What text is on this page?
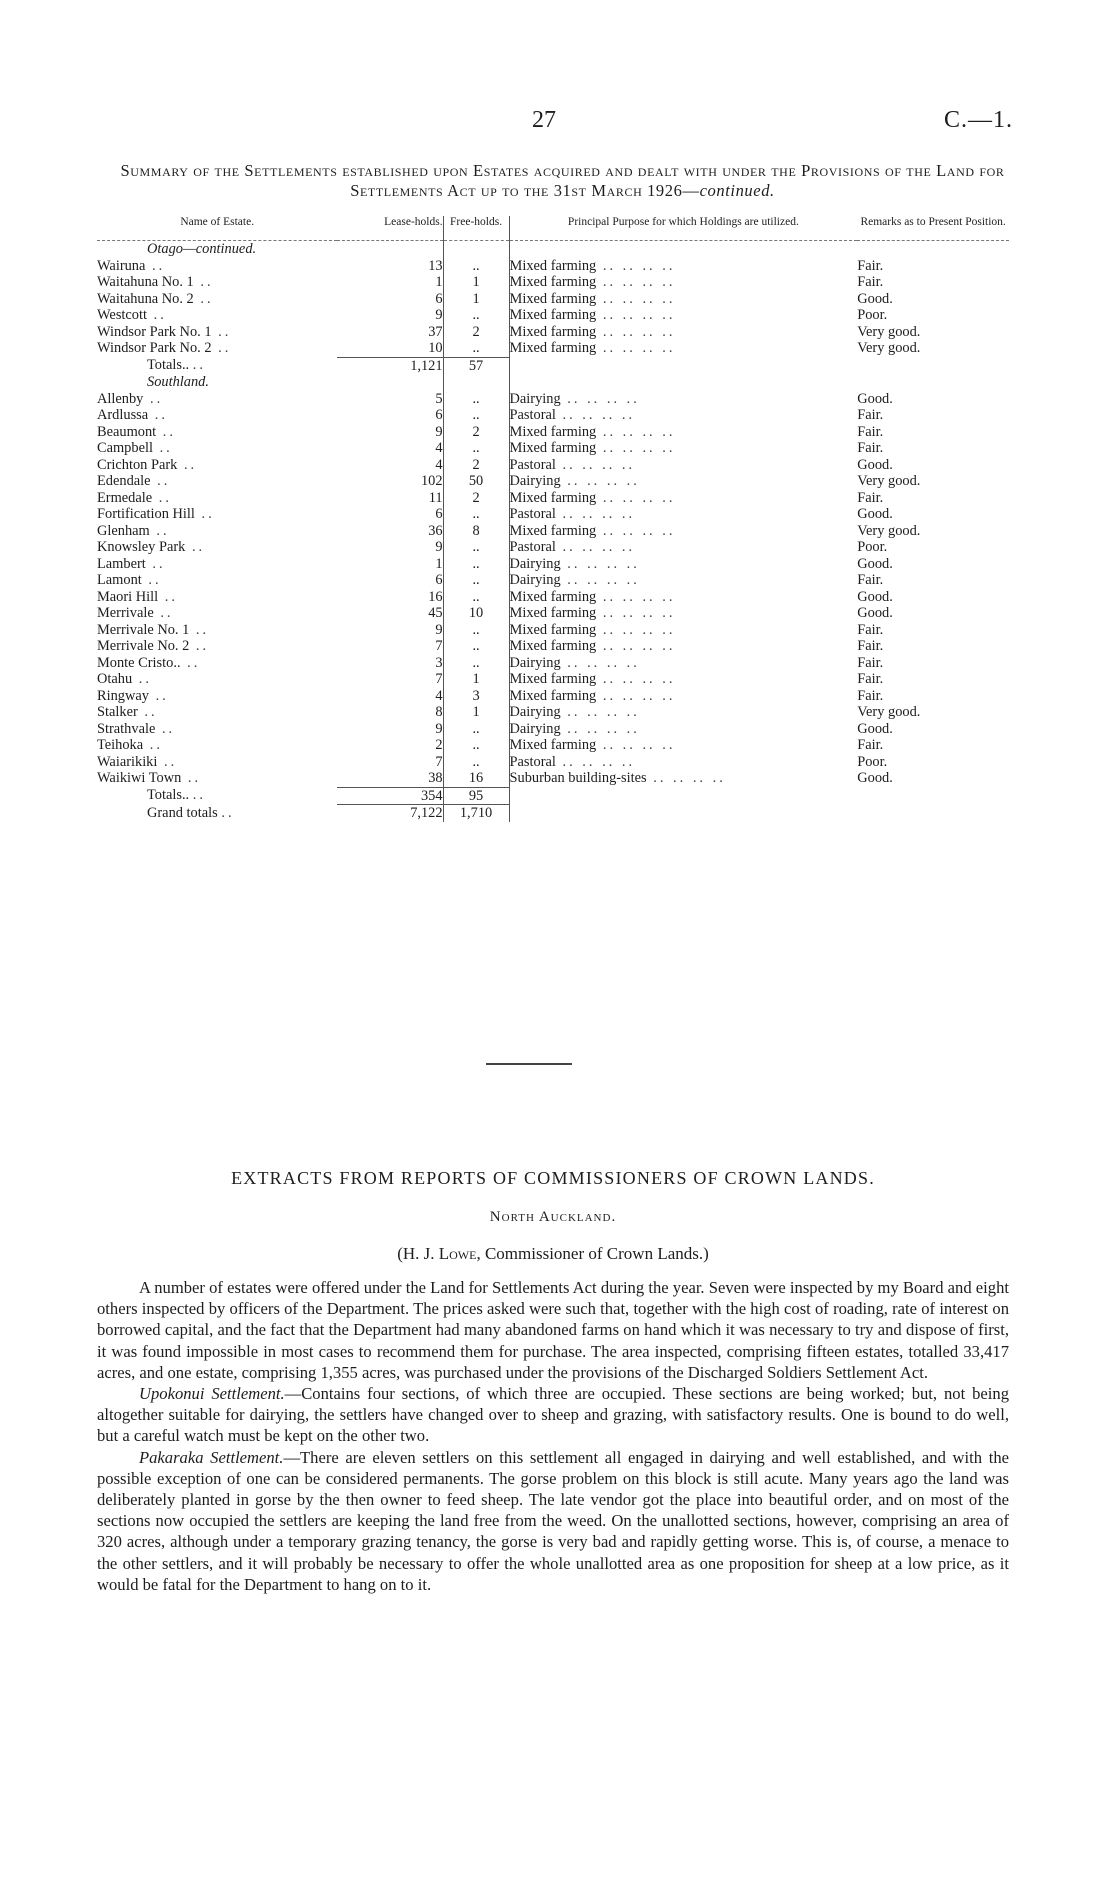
27	C.—1.
Summary of the Settlements established upon Estates acquired and dealt with under the Provisions of the Land for Settlements Act up to the 31st March 1926—continued.
Name of Estate.	Lease-holds.	Free-holds.	Principal Purpose for which Holdings are utilized.	Remarks as to Present Position.
Otago—continued.				
Wairuna ..	13	..	Mixed farming .. .. .. ..	Fair.
Waitahuna No. 1 ..	1	1	Mixed farming .. .. .. ..	Fair.
Waitahuna No. 2 ..	6	1	Mixed farming .. .. .. ..	Good.
Westcott ..	9	..	Mixed farming .. .. .. ..	Poor.
Windsor Park No. 1 ..	37	2	Mixed farming .. .. .. ..	Very good.
Windsor Park No. 2 ..	10	..	Mixed farming .. .. .. ..	Very good.
Totals.. ..	1,121	57		
Southland.				
Allenby ..	5	..	Dairying .. .. .. ..	Good.
Ardlussa ..	6	..	Pastoral .. .. .. ..	Fair.
Beaumont ..	9	2	Mixed farming .. .. .. ..	Fair.
Campbell ..	4	..	Mixed farming .. .. .. ..	Fair.
Crichton Park ..	4	2	Pastoral .. .. .. ..	Good.
Edendale ..	102	50	Dairying .. .. .. ..	Very good.
Ermedale ..	11	2	Mixed farming .. .. .. ..	Fair.
Fortification Hill ..	6	..	Pastoral .. .. .. ..	Good.
Glenham ..	36	8	Mixed farming .. .. .. ..	Very good.
Knowsley Park ..	9	..	Pastoral .. .. .. ..	Poor.
Lambert ..	1	..	Dairying .. .. .. ..	Good.
Lamont ..	6	..	Dairying .. .. .. ..	Fair.
Maori Hill ..	16	..	Mixed farming .. .. .. ..	Good.
Merrivale ..	45	10	Mixed farming .. .. .. ..	Good.
Merrivale No. 1 ..	9	..	Mixed farming .. .. .. ..	Fair.
Merrivale No. 2 ..	7	..	Mixed farming .. .. .. ..	Fair.
Monte Cristo.. ..	3	..	Dairying .. .. .. ..	Fair.
Otahu ..	7	1	Mixed farming .. .. .. ..	Fair.
Ringway ..	4	3	Mixed farming .. .. .. ..	Fair.
Stalker ..	8	1	Dairying .. .. .. ..	Very good.
Strathvale ..	9	..	Dairying .. .. .. ..	Good.
Teihoka ..	2	..	Mixed farming .. .. .. ..	Fair.
Waiarikiki ..	7	..	Pastoral .. .. .. ..	Poor.
Waikiwi Town ..	38	16	Suburban building-sites .. .. .. ..	Good.
Totals.. ..	354	95		
Grand totals ..	7,122	1,710		
EXTRACTS FROM REPORTS OF COMMISSIONERS OF CROWN LANDS.
North Auckland.
(H. J. Lowe, Commissioner of Crown Lands.)

A number of estates were offered under the Land for Settlements Act during the year. Seven were inspected by my Board and eight others inspected by officers of the Department. The prices asked were such that, together with the high cost of roading, rate of interest on borrowed capital, and the fact that the Department had many abandoned farms on hand which it was necessary to try and dispose of first, it was found impossible in most cases to recommend them for purchase. The area inspected, comprising fifteen estates, totalled 33,417 acres, and one estate, comprising 1,355 acres, was purchased under the provisions of the Discharged Soldiers Settlement Act.

Upokonui Settlement.—Contains four sections, of which three are occupied. These sections are being worked; but, not being altogether suitable for dairying, the settlers have changed over to sheep and grazing, with satisfactory results. One is bound to do well, but a careful watch must be kept on the other two.

Pakaraka Settlement.—There are eleven settlers on this settlement all engaged in dairying and well established, and with the possible exception of one can be considered permanents. The gorse problem on this block is still acute. Many years ago the land was deliberately planted in gorse by the then owner to feed sheep. The late vendor got the place into beautiful order, and on most of the sections now occupied the settlers are keeping the land free from the weed. On the unallotted sections, however, comprising an area of 320 acres, although under a temporary grazing tenancy, the gorse is very bad and rapidly getting worse. This is, of course, a menace to the other settlers, and it will probably be necessary to offer the whole unallotted area as one proposition for sheep at a low price, as it would be fatal for the Department to hang on to it.
